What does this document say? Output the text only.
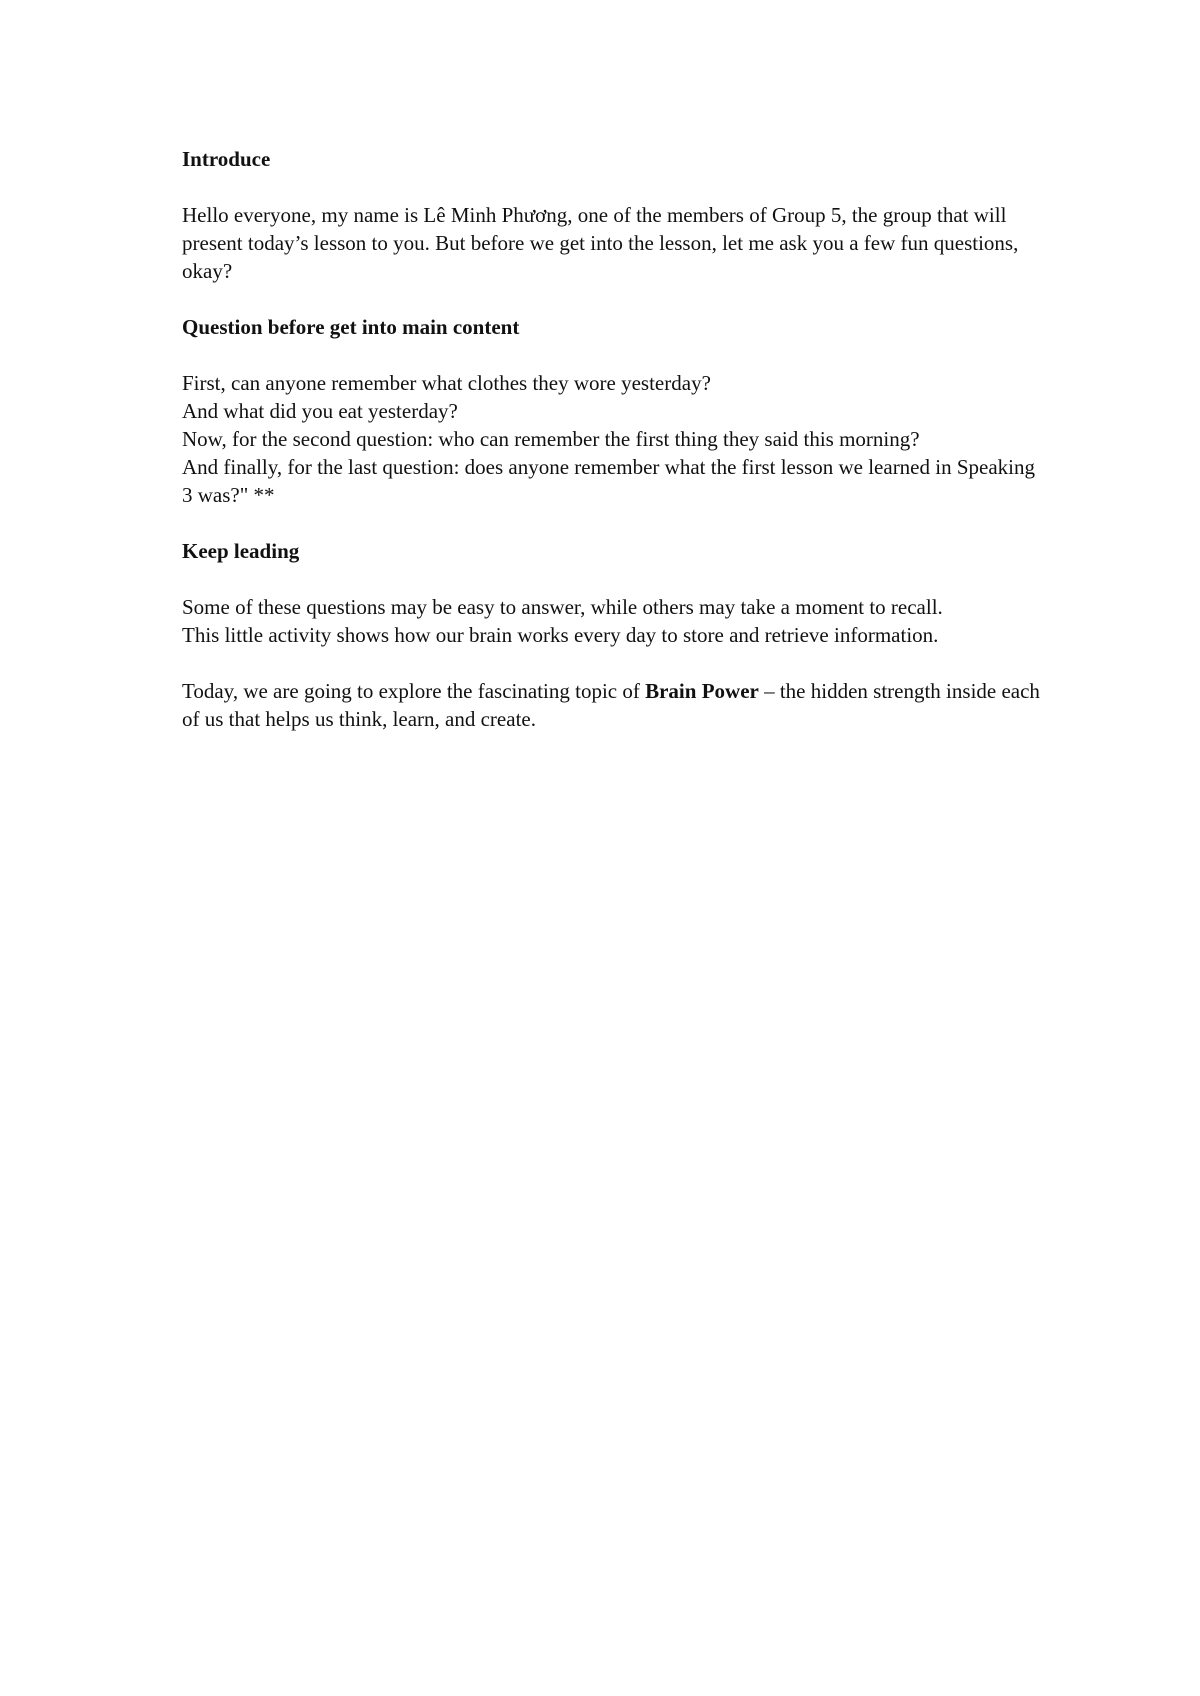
Introduce
Hello everyone, my name is Lê Minh Phương, one of the members of Group 5, the group that will present today’s lesson to you. But before we get into the lesson, let me ask you a few fun questions, okay?
Question before get into main content
First, can anyone remember what clothes they wore yesterday?
And what did you eat yesterday?
Now, for the second question: who can remember the first thing they said this morning?
And finally, for the last question: does anyone remember what the first lesson we learned in Speaking 3 was?" **
Keep leading
Some of these questions may be easy to answer, while others may take a moment to recall.
This little activity shows how our brain works every day to store and retrieve information.
Today, we are going to explore the fascinating topic of Brain Power – the hidden strength inside each of us that helps us think, learn, and create.
